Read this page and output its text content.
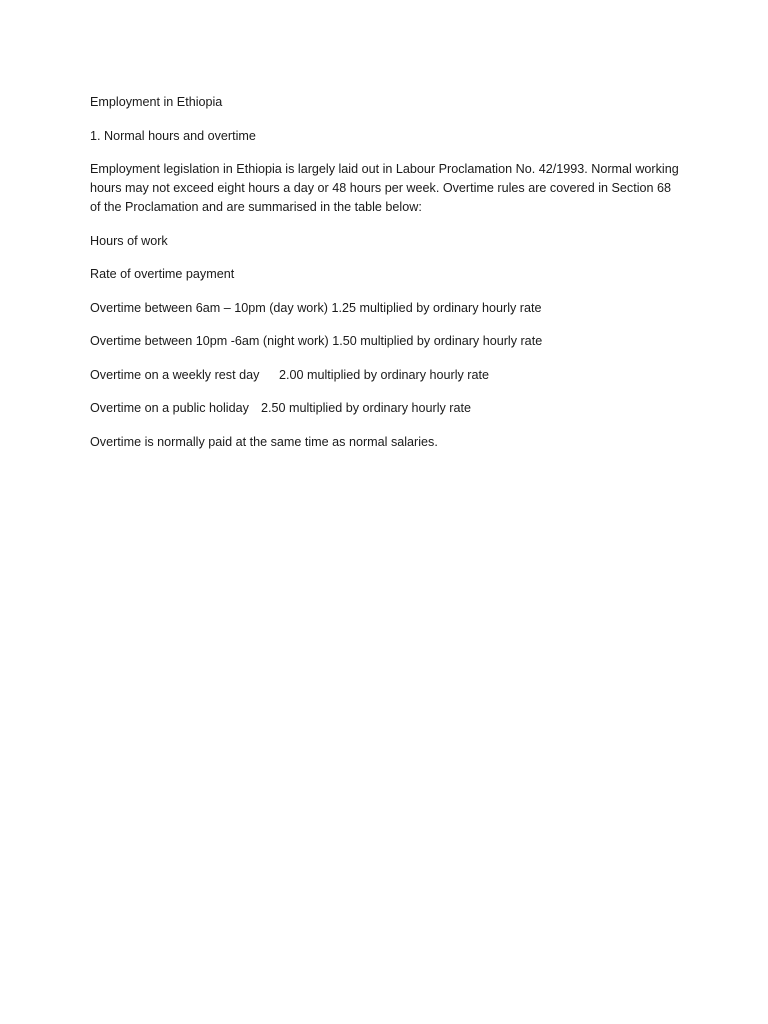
Employment in Ethiopia

1. Normal hours and overtime

Employment legislation in Ethiopia is largely laid out in Labour Proclamation No. 42/1993. Normal working hours may not exceed eight hours a day or 48 hours per week. Overtime rules are covered in Section 68 of the Proclamation and are summarised in the table below:

Hours of work

Rate of overtime payment

Overtime between 6am – 10pm (day work)
1.25 multiplied by ordinary hourly rate
Overtime between 10pm -6am (night work)
1.50 multiplied by ordinary hourly rate
Overtime on a weekly rest day	2.00 multiplied by ordinary hourly rate
Overtime on a public holiday 2.50 multiplied by ordinary hourly rate

Overtime is normally paid at the same time as normal salaries.
